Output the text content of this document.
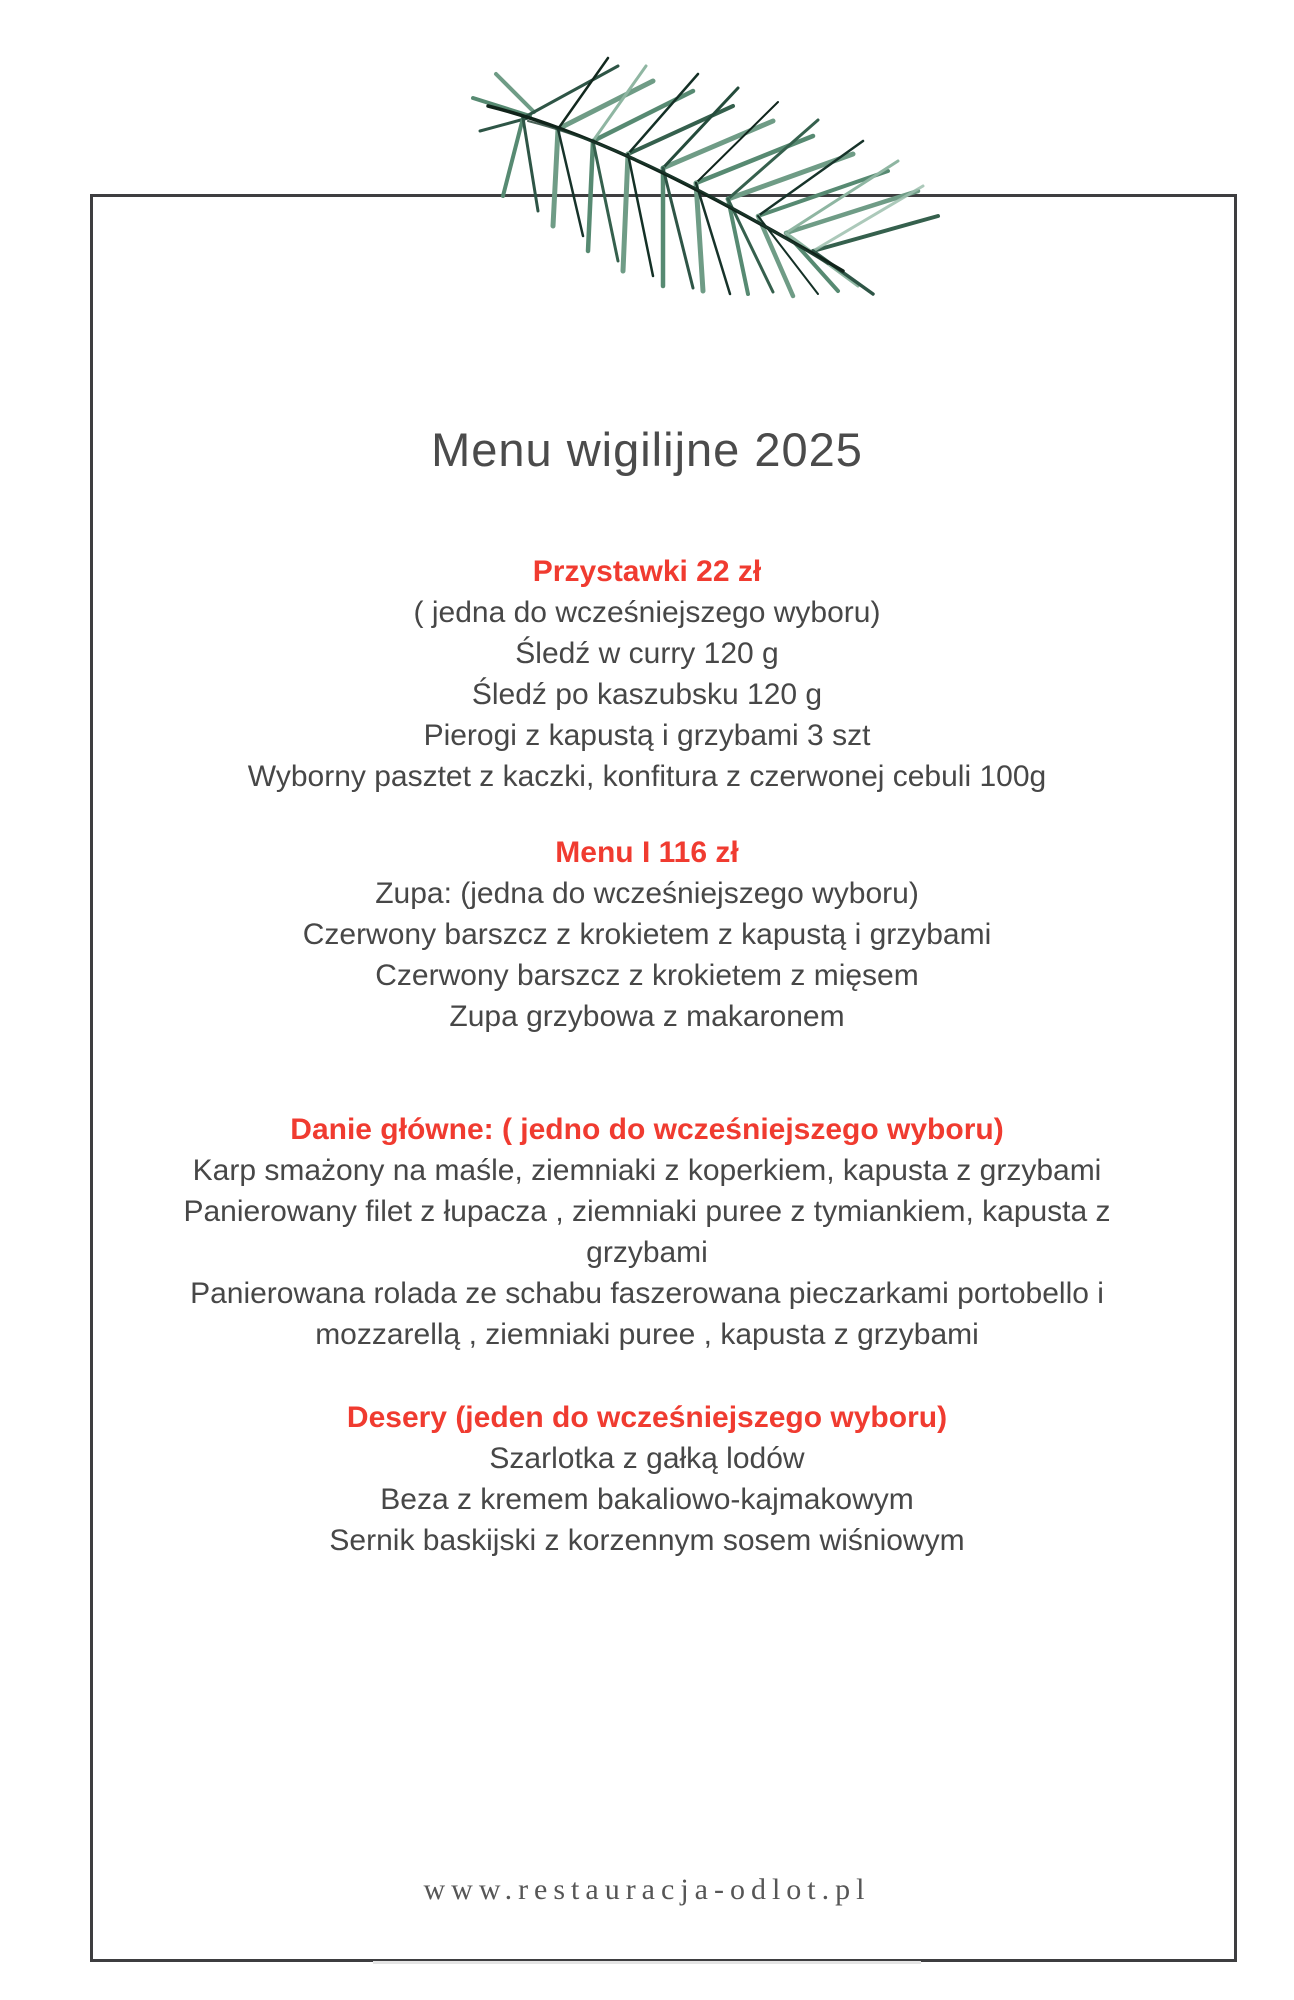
Menu wigilijne 2025
Przystawki 22 zł
( jedna do wcześniejszego wyboru)
Śledź w curry 120 g
Śledź po kaszubsku 120 g
Pierogi z kapustą i grzybami 3 szt
Wyborny pasztet z kaczki, konfitura z czerwonej cebuli 100g
Menu I 116 zł
Zupa: (jedna do wcześniejszego wyboru)
Czerwony barszcz z krokietem z kapustą i grzybami
Czerwony barszcz z krokietem z mięsem
Zupa grzybowa z makaronem
Danie główne: ( jedno do wcześniejszego wyboru)
Karp smażony na maśle, ziemniaki z koperkiem, kapusta z grzybami
Panierowany filet z łupacza , ziemniaki puree z tymiankiem, kapusta z
grzybami
Panierowana rolada ze schabu faszerowana pieczarkami portobello i
mozzarellą , ziemniaki puree , kapusta z grzybami
Desery (jeden do wcześniejszego wyboru)
Szarlotka z gałką lodów
Beza z kremem bakaliowo-kajmakowym
Sernik baskijski z korzennym sosem wiśniowym
www.restauracja-odlot.pl
